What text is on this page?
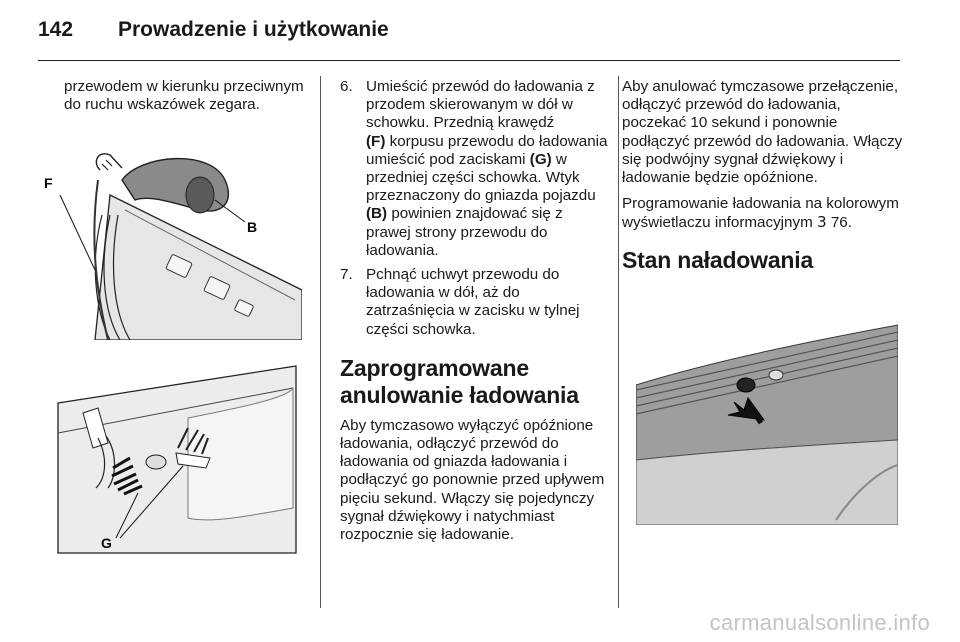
142 Prowadzenie i użytkowanie

przewodem w kierunku przeciwnym do ruchu wskazówek zegara.

F
B
G
6. Umieścić przewód do ładowania z przodem skierowanym w dół w schowku. Przednią krawędź
(F) korpusu przewodu do ładowania umieścić pod zaciskami (G) w przedniej części schowka. Wtyk przeznaczony do gniazda pojazdu (B) powinien znajdować się z prawej strony przewodu do ładowania.
7. Pchnąć uchwyt przewodu do ładowania w dół, aż do zatrzaśnięcia w zacisku w tylnej części schowka.
Zaprogramowane anulowanie ładowania

Aby tymczasowo wyłączyć opóźnione ładowania, odłączyć przewód do ładowania od gniazda ładowania i podłączyć go ponownie przed upływem pięciu sekund. Włączy się pojedynczy sygnał dźwiękowy i natychmiast rozpocznie się ładowanie.

Aby anulować tymczasowe przełączenie, odłączyć przewód do ładowania, poczekać 10 sekund i ponownie podłączyć przewód do ładowania. Włączy się podwójny sygnał dźwiękowy i ładowanie będzie opóźnione.

Programowanie ładowania na kolorowym wyświetlaczu informacyjnym 3 76.

Stan naładowania
carmanualsonline.info
